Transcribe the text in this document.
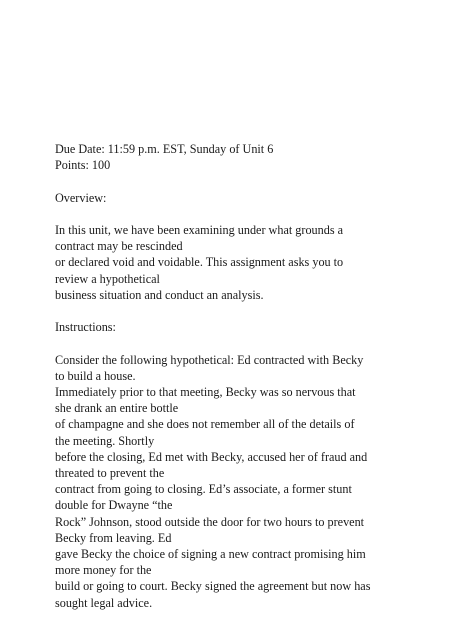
Due Date: 11:59 p.m. EST, Sunday of Unit 6
Points: 100
Overview:
In this unit, we have been examining under what grounds a
contract may be rescinded
or declared void and voidable. This assignment asks you to
review a hypothetical
business situation and conduct an analysis.
Instructions:
Consider the following hypothetical: Ed contracted with Becky
to build a house.
Immediately prior to that meeting, Becky was so nervous that
she drank an entire bottle
of champagne and she does not remember all of the details of
the meeting. Shortly
before the closing, Ed met with Becky, accused her of fraud and
threated to prevent the
contract from going to closing. Ed’s associate, a former stunt
double for Dwayne “the
Rock” Johnson, stood outside the door for two hours to prevent
Becky from leaving. Ed
gave Becky the choice of signing a new contract promising him
more money for the
build or going to court. Becky signed the agreement but now has
sought legal advice.
